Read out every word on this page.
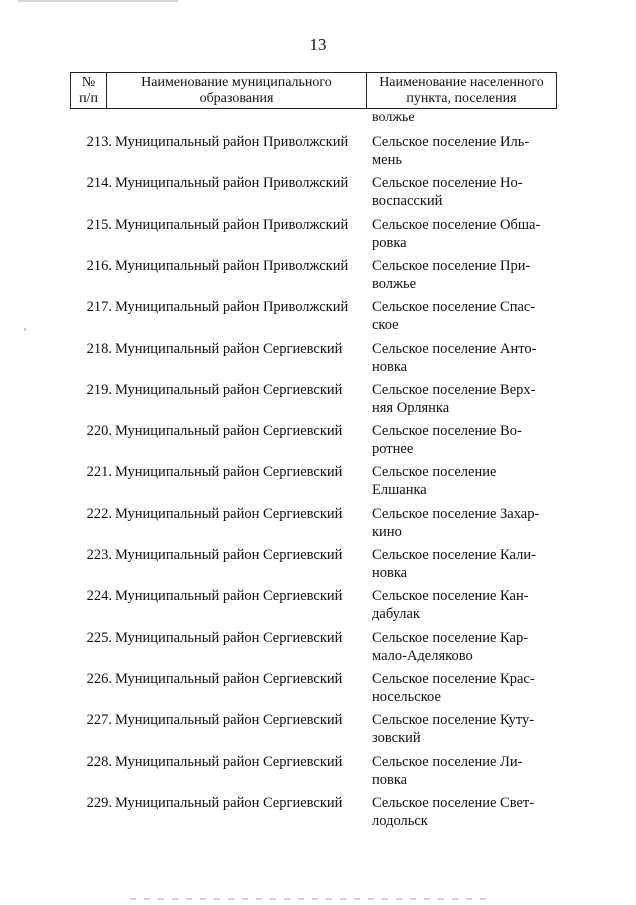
13
№
п/п
Наименование муниципального
образования
Наименование населенного
пункта, поселения
волжье
213. Муниципальный район Приволжский Сельское поселение Иль-
мень
214. Муниципальный район Приволжский Сельское поселение Но-
воспасский
215. Муниципальный район Приволжский Сельское поселение Обша-
ровка
216. Муниципальный район Приволжский Сельское поселение При-
волжье
217. Муниципальный район Приволжский Сельское поселение Спас-
ское
218. Муниципальный район Сергиевский Сельское поселение Анто-
новка
219. Муниципальный район Сергиевский Сельское поселение Верх-
няя Орлянка
220. Муниципальный район Сергиевский Сельское поселение Во-
ротнее
221. Муниципальный район Сергиевский Сельское поселение
Елшанка
222. Муниципальный район Сергиевский Сельское поселение Захар-
кино
223. Муниципальный район Сергиевский Сельское поселение Кали-
новка
224. Муниципальный район Сергиевский Сельское поселение Кан-
дабулак
225. Муниципальный район Сергиевский Сельское поселение Кар-
мало-Аделяково
226. Муниципальный район Сергиевский Сельское поселение Крас-
носельское
227. Муниципальный район Сергиевский Сельское поселение Куту-
зовский
228. Муниципальный район Сергиевский Сельское поселение Ли-
повка
229. Муниципальный район Сергиевский Сельское поселение Свет-
лодольск
